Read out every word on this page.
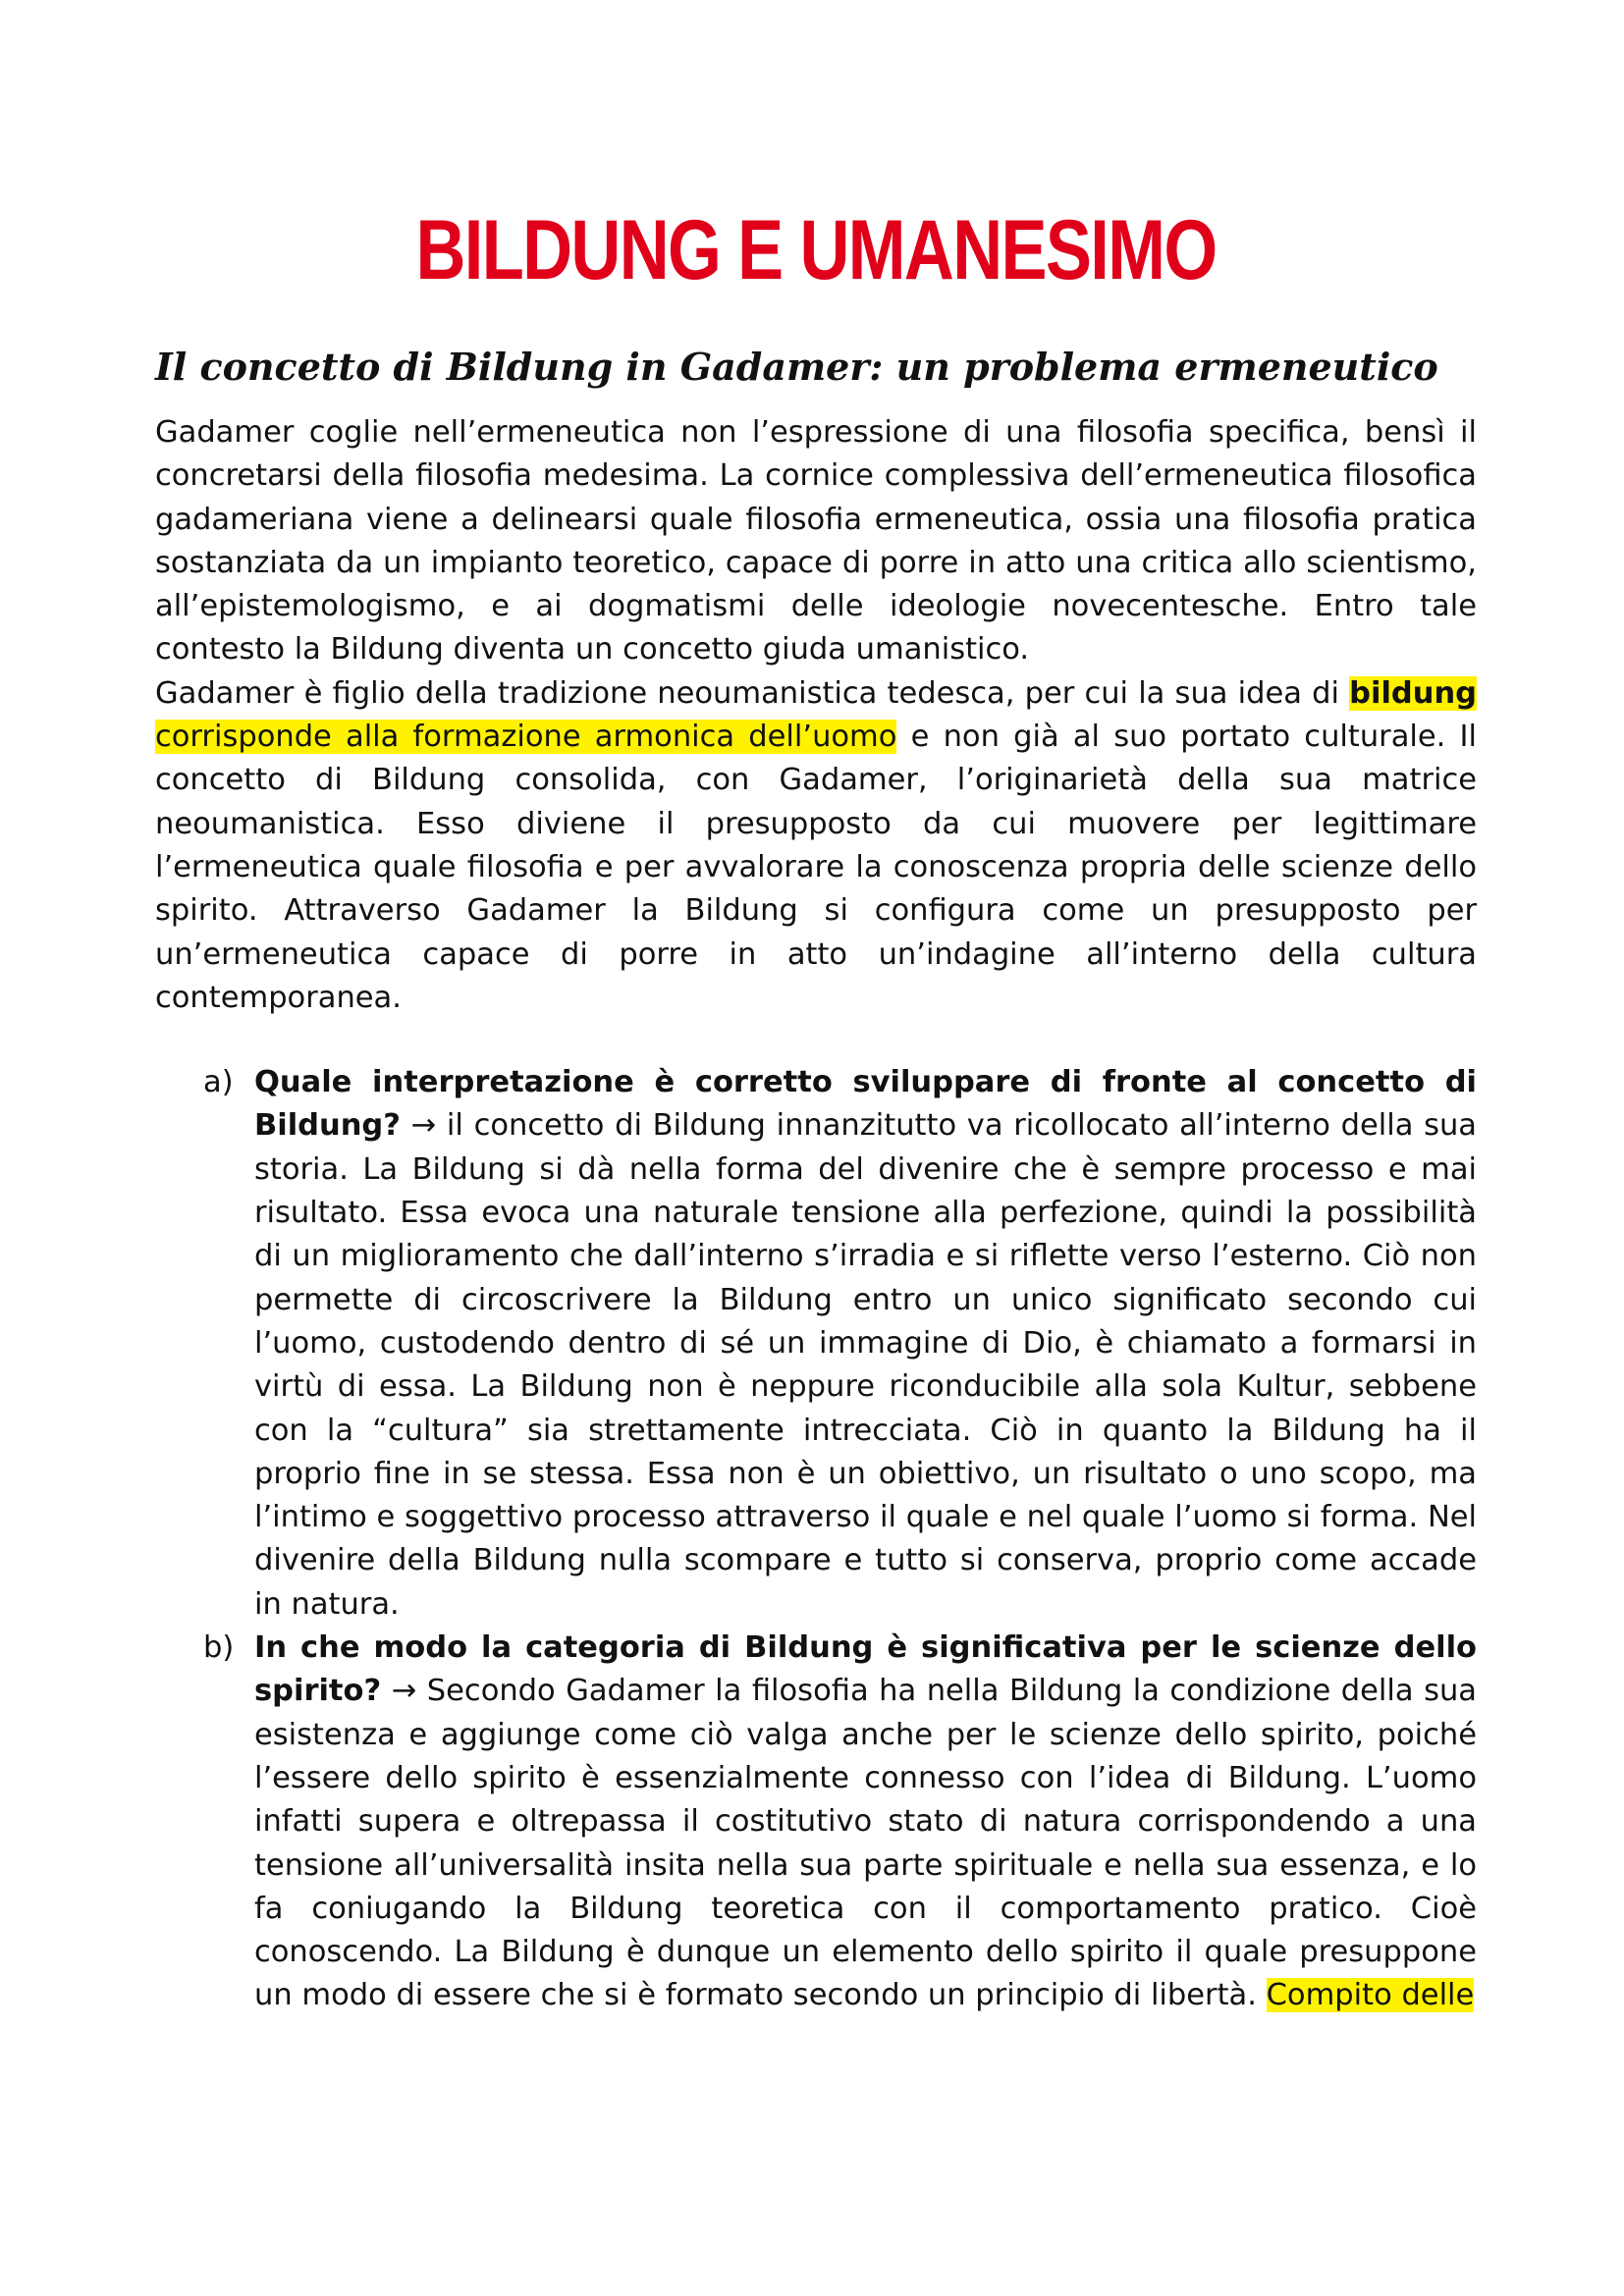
BILDUNG E UMANESIMO
Il concetto di Bildung in Gadamer: un problema ermeneutico

Gadamer coglie nell’ermeneutica non l’espressione di una filosofia specifica, bensì il concretarsi della filosofia medesima. La cornice complessiva dell’ermeneutica filosofica gadameriana viene a delinearsi quale filosofia ermeneutica, ossia una filosofia pratica sostanziata da un impianto teoretico, capace di porre in atto una critica allo scientismo, all’epistemologismo, e ai dogmatismi delle ideologie novecentesche. Entro tale contesto la Bildung diventa un concetto giuda umanistico.

Gadamer è figlio della tradizione neoumanistica tedesca, per cui la sua idea di bildung corrisponde alla formazione armonica dell’uomo e non già al suo portato culturale. Il concetto di Bildung consolida, con Gadamer, l’originarietà della sua matrice neoumanistica. Esso diviene il presupposto da cui muovere per legittimare l’ermeneutica quale filosofia e per avvalorare la conoscenza propria delle scienze dello spirito. Attraverso Gadamer la Bildung si configura come un presupposto per un’ermeneutica capace di porre in atto un’indagine all’interno della cultura contemporanea.

a) Quale interpretazione è corretto sviluppare di fronte al concetto di Bildung? → il concetto di Bildung innanzitutto va ricollocato all’interno della sua storia. La Bildung si dà nella forma del divenire che è sempre processo e mai risultato. Essa evoca una naturale tensione alla perfezione, quindi la possibilità di un miglioramento che dall’interno s’irradia e si riflette verso l’esterno. Ciò non permette di circoscrivere la Bildung entro un unico significato secondo cui l’uomo, custodendo dentro di sé un immagine di Dio, è chiamato a formarsi in virtù di essa. La Bildung non è neppure riconducibile alla sola Kultur, sebbene con la “cultura” sia strettamente intrecciata. Ciò in quanto la Bildung ha il proprio fine in se stessa. Essa non è un obiettivo, un risultato o uno scopo, ma l’intimo e soggettivo processo attraverso il quale e nel quale l’uomo si forma. Nel divenire della Bildung nulla scompare e tutto si conserva, proprio come accade in natura.
b) In che modo la categoria di Bildung è significativa per le scienze dello spirito? → Secondo Gadamer la filosofia ha nella Bildung la condizione della sua esistenza e aggiunge come ciò valga anche per le scienze dello spirito, poiché l’essere dello spirito è essenzialmente connesso con l’idea di Bildung. L’uomo infatti supera e oltrepassa il costitutivo stato di natura corrispondendo a una tensione all’universalità insita nella sua parte spirituale e nella sua essenza, e lo fa coniugando la Bildung teoretica con il comportamento pratico. Cioè conoscendo. La Bildung è dunque un elemento dello spirito il quale presuppone un modo di essere che si è formato secondo un principio di libertà. Compito delle
